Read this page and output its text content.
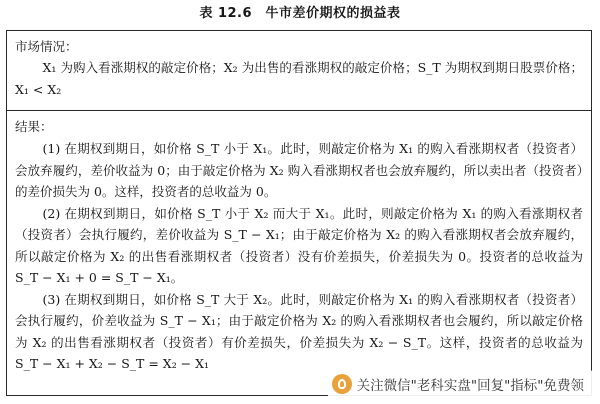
表 12.6　牛市差价期权的损益表
市场情况：

X₁ 为购入看涨期权的敲定价格；X₂ 为出售的看涨期权的敲定价格；S_T 为期权到期日股票价格；X₁ < X₂

结果：

(1) 在期权到期日，如价格 S_T 小于 X₁。此时，则敲定价格为 X₁ 的购入看涨期权者（投资者）会放弃履约，差价收益为 0；由于敲定价格为 X₂ 购入看涨期权者也会放弃履约，所以卖出者（投资者）的差价损失为 0。这样，投资者的总收益为 0。

(2) 在期权到期日，如价格 S_T 小于 X₂ 而大于 X₁。此时，则敲定价格为 X₁ 的购入看涨期权者（投资者）会执行履约，差价收益为 S_T − X₁；由于敲定价格为 X₂ 的购入看涨期权者会放弃履约，所以敲定价格为 X₂ 的出售看涨期权者（投资者）没有价差损失，价差损失为 0。投资者的总收益为 S_T − X₁ + 0 = S_T − X₁。

(3) 在期权到期日，如价格 S_T 大于 X₂。此时，则敲定价格为 X₁ 的购入看涨期权者（投资者）会执行履约，价差收益为 S_T − X₁；由于敲定价格为 X₂ 的购入看涨期权者也会履约，所以敲定价格为 X₂ 的出售看涨期权者（投资者）有价差损失，价差损失为 X₂ − S_T。这样，投资者的总收益为 S_T − X₁ + X₂ − S_T = X₂ − X₁

关注微信"老科实盘"回复"指标"免费领
